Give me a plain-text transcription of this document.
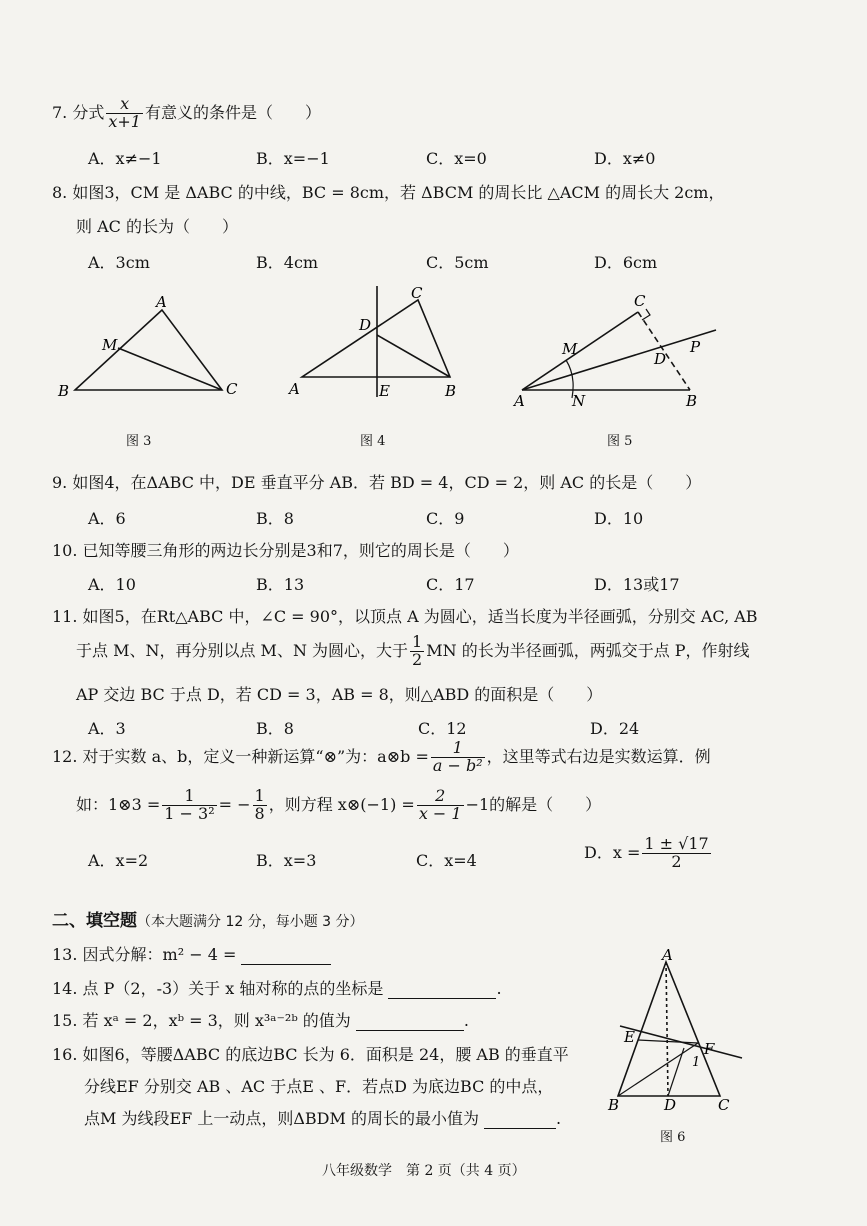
7. 分式 $\frac{x}{x+1}$ 有意义的条件是（　　）
A．x≠−1	B．x=−1	C．x=0	D．x≠0
8. 如图3，CM 是 ΔABC 的中线，BC = 8cm，若 ΔBCM 的周长比 △ACM 的周长大 2cm，
则 AC 的长为（　　）
A．3cm	B．4cm	C．5cm	D．6cm
A
M
B	C
图 3
C
D
A	E	B
图 4
C
M
D
P
A	N	B
图 5
9. 如图4，在ΔABC 中，DE 垂直平分 AB．若 BD = 4，CD = 2，则 AC 的长是（　　）
A．6	B．8	C．9	D．10
10. 已知等腰三角形的两边长分别是3和7，则它的周长是（　　）
A．10	B．13	C．17	D．13或17
11. 如图5，在Rt△ABC 中，∠C = 90°，以顶点 A 为圆心，适当长度为半径画弧，分别交 AC, AB
于点 M、N，再分别以点 M、N 为圆心，大于 $\frac{1}{2}$ MN 的长为半径画弧，两弧交于点 P，作射线
AP 交边 BC 于点 D，若 CD = 3，AB = 8，则△ABD 的面积是（　　）
A．3	B．8	C．12	D．24
12. 对于实数 a、b，定义一种新运算“⊗”为：a⊗b = $\frac{1}{\text{a − b²}}$ ，这里等式右边是实数运算．例
如：1⊗3 = $\frac{1}{\text{1 − 3²}}$ = − $\frac{1}{8}$ ，则方程 x⊗(−1) = $\frac{2}{x - 1} -1$的解是（　　）
A．x=2	B．x=3	C．x=4	D．$x = \frac{1 \pm √17}{2}$
二、填空题（本大题满分 12 分，每小题 3 分）
13. 因式分解：m² − 4 =
14. 点 P（2，-3）关于 x 轴对称的点的坐标是	.
15. 若 xᵃ = 2，xᵇ = 3，则 x³ᵃ⁻²ᵇ 的值为	.
16. 如图6，等腰ΔABC 的底边BC 长为 6．面积是 24，腰 AB 的垂直平
分线EF 分别交 AB 、AC 于点E 、F．若点D 为底边BC 的中点，
点M 为线段EF 上一动点，则ΔBDM 的周长的最小值为	.
A
E
F
B	D	C
1
图 6
八年级数学　第 2 页（共 4 页）
